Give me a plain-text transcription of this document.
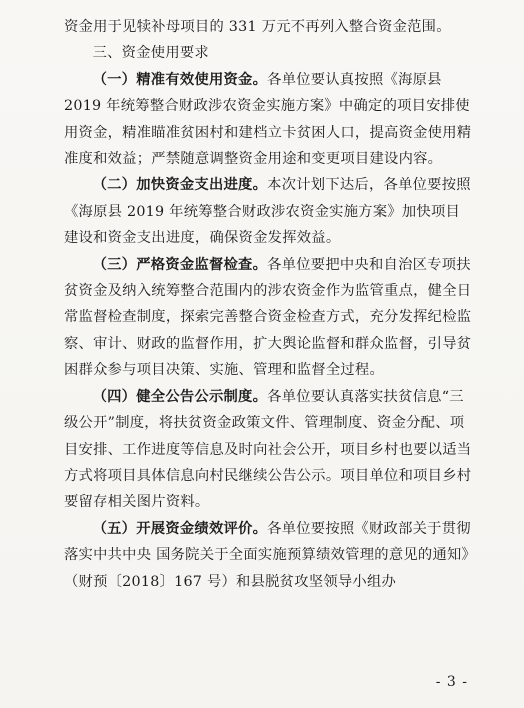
资金用于见犊补母项目的 331 万元不再列入整合资金范围。

三、资金使用要求

（一）精准有效使用资金。各单位要认真按照《海原县2019 年统筹整合财政涉农资金实施方案》中确定的项目安排使用资金，精准瞄准贫困村和建档立卡贫困人口，提高资金使用精准度和效益；严禁随意调整资金用途和变更项目建设内容。

（二）加快资金支出进度。本次计划下达后，各单位要按照《海原县 2019 年统筹整合财政涉农资金实施方案》加快项目建设和资金支出进度，确保资金发挥效益。

（三）严格资金监督检查。各单位要把中央和自治区专项扶贫资金及纳入统筹整合范围内的涉农资金作为监管重点，健全日常监督检查制度，探索完善整合资金检查方式，充分发挥纪检监察、审计、财政的监督作用，扩大舆论监督和群众监督，引导贫困群众参与项目决策、实施、管理和监督全过程。

（四）健全公告公示制度。各单位要认真落实扶贫信息“三级公开”制度，将扶贫资金政策文件、管理制度、资金分配、项目安排、工作进度等信息及时向社会公开，项目乡村也要以适当方式将项目具体信息向村民继续公告公示。项目单位和项目乡村要留存相关图片资料。

（五）开展资金绩效评价。各单位要按照《财政部关于贯彻落实中共中央 国务院关于全面实施预算绩效管理的意见的通知》（财预〔2018〕167 号）和县脱贫攻坚领导小组办

- 3 -
